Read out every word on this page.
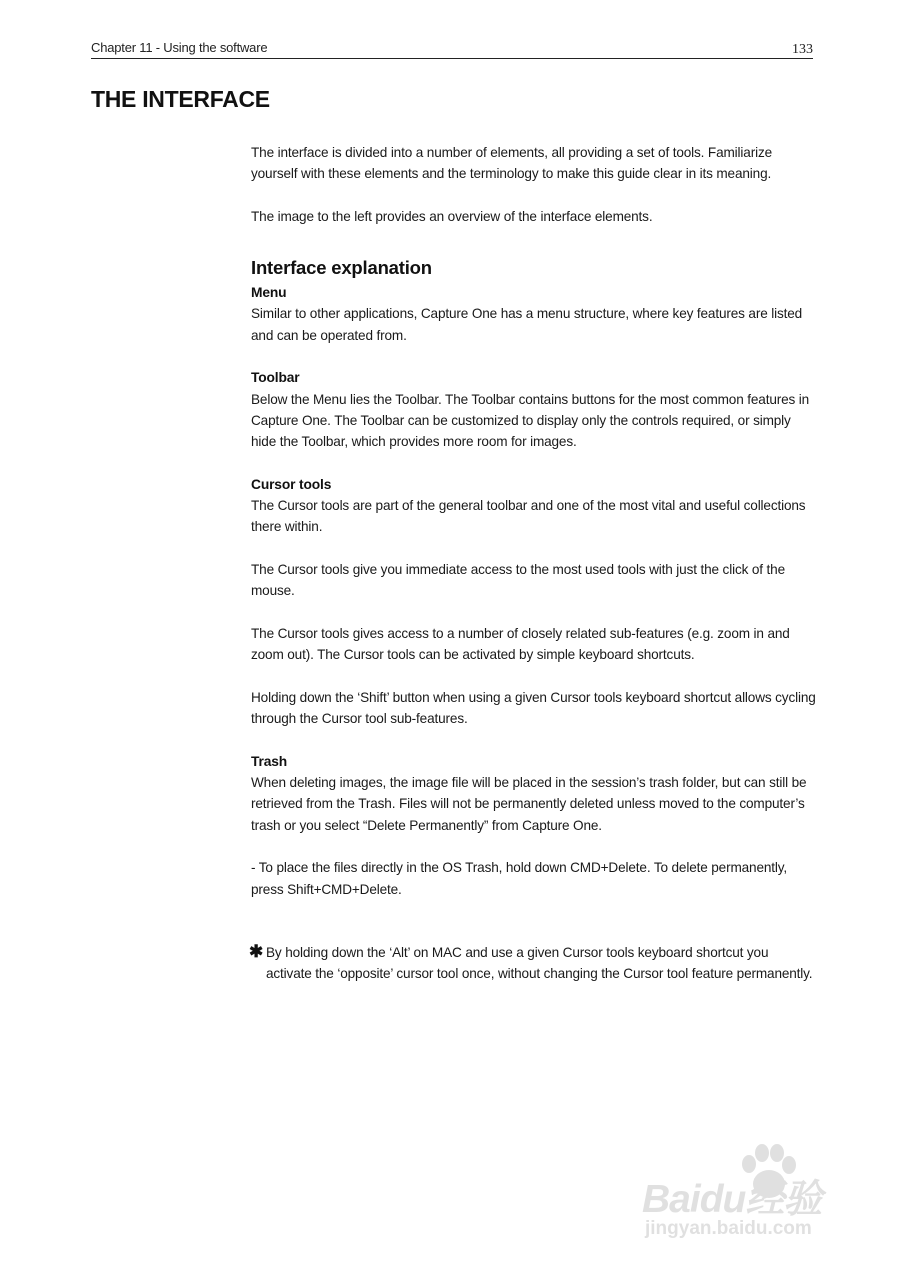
Chapter 11 - Using the software	133
THE INTERFACE

The interface is divided into a number of elements, all providing a set of tools. Familiarize yourself with these elements and the terminology to make this guide clear in its meaning.

The image to the left provides an overview of the interface elements.

Interface explanation
Menu

Similar to other applications, Capture One has a menu structure, where key features are listed and can be operated from.

Toolbar

Below the Menu lies the Toolbar. The Toolbar contains buttons for the most common features in Capture One. The Toolbar can be customized to display only the controls required, or simply hide the Toolbar, which provides more room for images.

Cursor tools

The Cursor tools are part of the general toolbar and one of the most vital and useful collections there within.

The Cursor tools give you immediate access to the most used tools with just the click of the mouse.

The Cursor tools gives access to a number of closely related sub-features (e.g. zoom in and zoom out). The Cursor tools can be activated by simple keyboard shortcuts.

Holding down the ‘Shift’ button when using a given Cursor tools keyboard shortcut allows cycling through the Cursor tool sub-features.

Trash

When deleting images, the image file will be placed in the session’s trash folder, but can still be retrieved from the Trash. Files will not be permanently deleted unless moved to the computer’s trash or you select “Delete Permanently” from Capture One.

- To place the files directly in the OS Trash, hold down CMD+Delete. To delete permanently, press Shift+CMD+Delete.

✱ By holding down the ‘Alt’ on MAC and use a given Cursor tools keyboard shortcut you activate the ‘opposite’ cursor tool once, without changing the Cursor tool feature permanently.
Baidu经验
jingyan.baidu.com
